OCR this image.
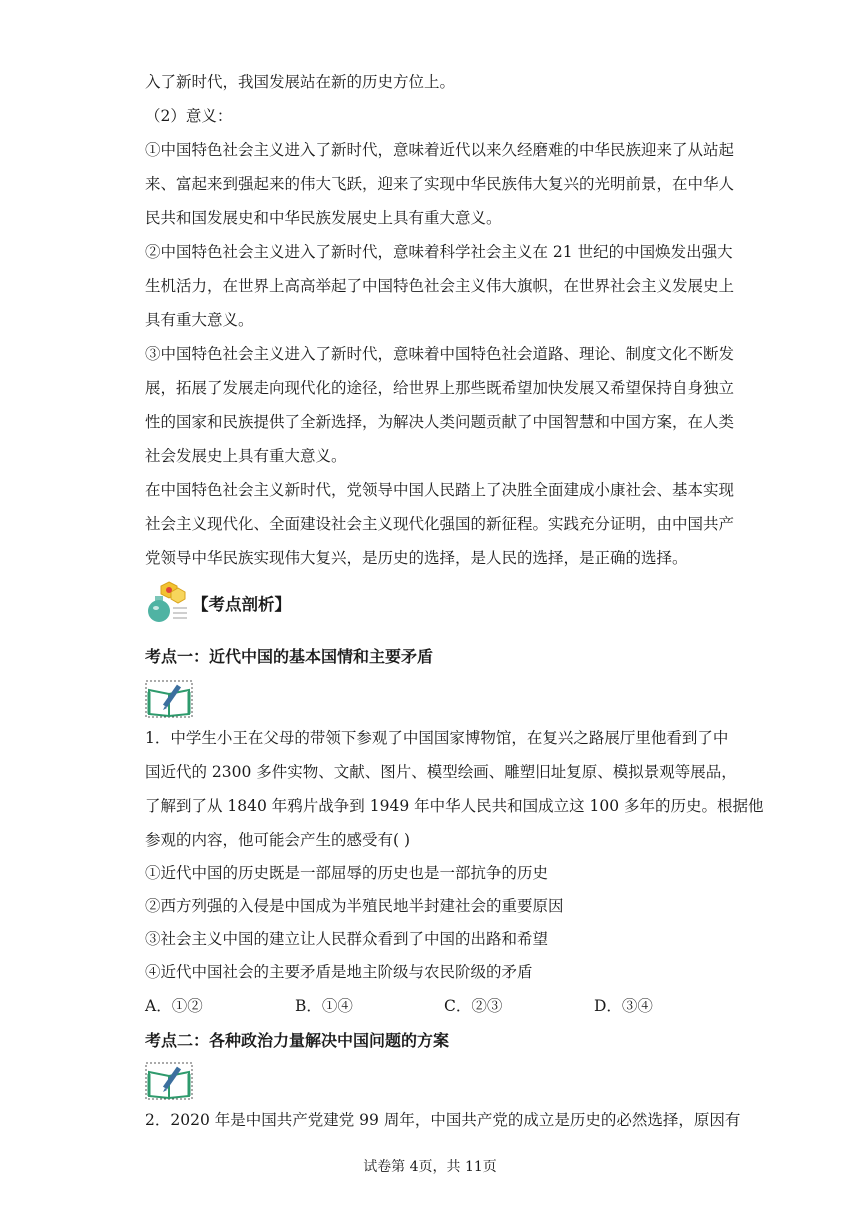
入了新时代，我国发展站在新的历史方位上。
（2）意义：
①中国特色社会主义进入了新时代，意味着近代以来久经磨难的中华民族迎来了从站起
来、富起来到强起来的伟大飞跃，迎来了实现中华民族伟大复兴的光明前景，在中华人
民共和国发展史和中华民族发展史上具有重大意义。
②中国特色社会主义进入了新时代，意味着科学社会主义在 21 世纪的中国焕发出强大
生机活力，在世界上高高举起了中国特色社会主义伟大旗帜，在世界社会主义发展史上
具有重大意义。
③中国特色社会主义进入了新时代，意味着中国特色社会道路、理论、制度文化不断发
展，拓展了发展走向现代化的途径，给世界上那些既希望加快发展又希望保持自身独立
性的国家和民族提供了全新选择，为解决人类问题贡献了中国智慧和中国方案，在人类
社会发展史上具有重大意义。
在中国特色社会主义新时代，党领导中国人民踏上了决胜全面建成小康社会、基本实现
社会主义现代化、全面建设社会主义现代化强国的新征程。实践充分证明，由中国共产
党领导中华民族实现伟大复兴，是历史的选择，是人民的选择，是正确的选择。
【考点剖析】
考点一：近代中国的基本国情和主要矛盾
1．中学生小王在父母的带领下参观了中国国家博物馆，在复兴之路展厅里他看到了中
国近代的 2300 多件实物、文献、图片、模型绘画、雕塑旧址复原、模拟景观等展品，
了解到了从 1840 年鸦片战争到 1949 年中华人民共和国成立这 100 多年的历史。根据他
参观的内容，他可能会产生的感受有( )
①近代中国的历史既是一部屈辱的历史也是一部抗争的历史
②西方列强的入侵是中国成为半殖民地半封建社会的重要原因
③社会主义中国的建立让人民群众看到了中国的出路和希望
④近代中国社会的主要矛盾是地主阶级与农民阶级的矛盾
A．①②	B．①④	C．②③	D．③④
考点二：各种政治力量解决中国问题的方案
2．2020 年是中国共产党建党 99 周年，中国共产党的成立是历史的必然选择，原因有
试卷第 4页，共 11页
